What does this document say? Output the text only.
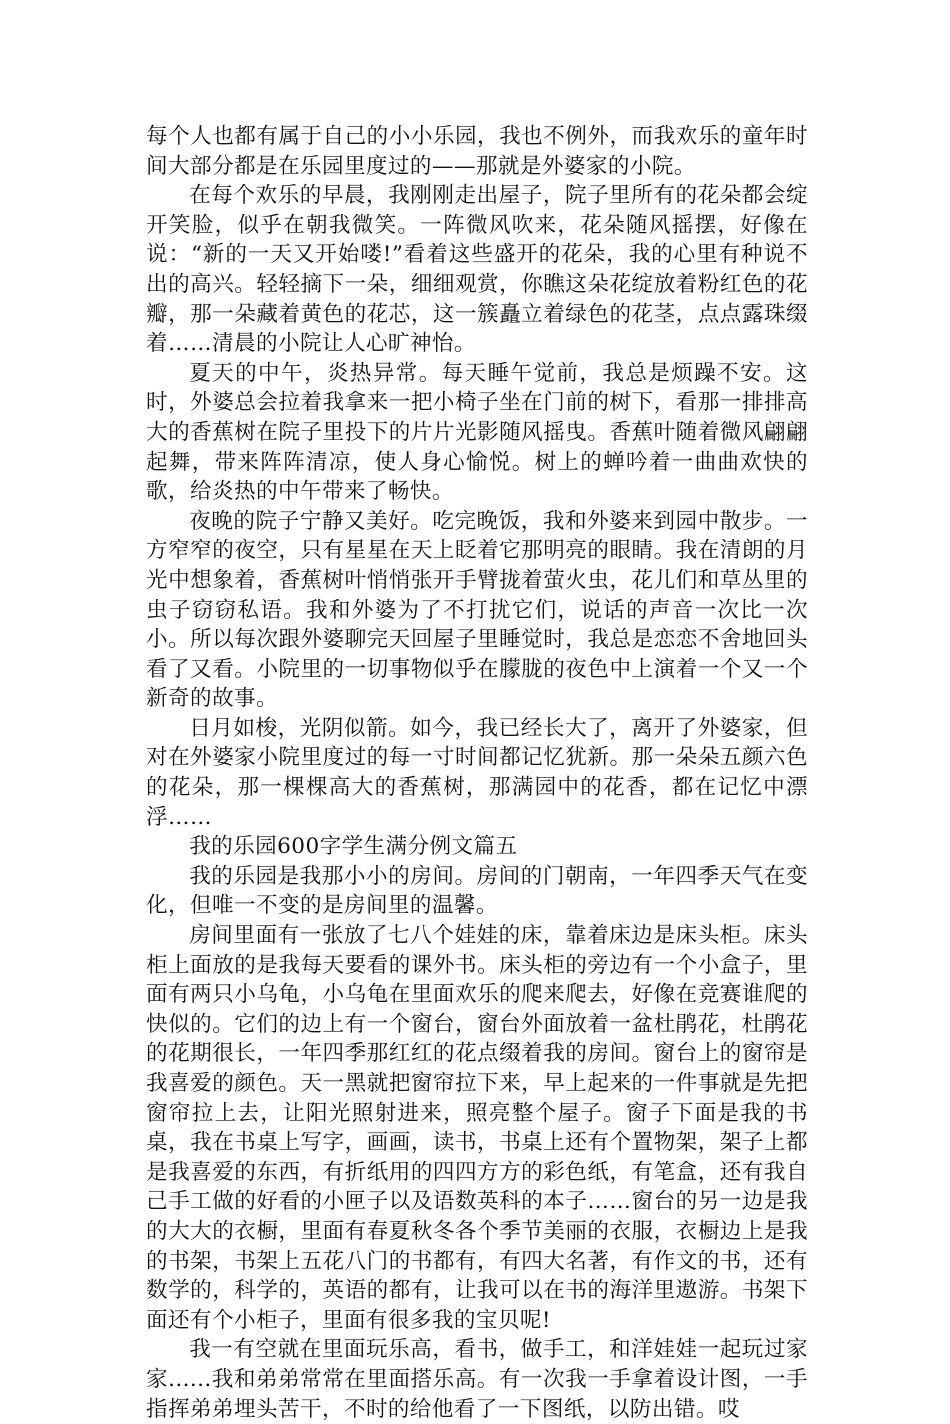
每个人也都有属于自己的小小乐园，我也不例外，而我欢乐的童年时间大部分都是在乐园里度过的——那就是外婆家的小院。

在每个欢乐的早晨，我刚刚走出屋子，院子里所有的花朵都会绽开笑脸，似乎在朝我微笑。一阵微风吹来，花朵随风摇摆，好像在说：“新的一天又开始喽!”看着这些盛开的花朵，我的心里有种说不出的高兴。轻轻摘下一朵，细细观赏，你瞧这朵花绽放着粉红色的花瓣，那一朵藏着黄色的花芯，这一簇矗立着绿色的花茎，点点露珠缀着……清晨的小院让人心旷神怡。

夏天的中午，炎热异常。每天睡午觉前，我总是烦躁不安。这时，外婆总会拉着我拿来一把小椅子坐在门前的树下，看那一排排高大的香蕉树在院子里投下的片片光影随风摇曳。香蕉叶随着微风翩翩起舞，带来阵阵清凉，使人身心愉悦。树上的蝉吟着一曲曲欢快的歌，给炎热的中午带来了畅快。

夜晚的院子宁静又美好。吃完晚饭，我和外婆来到园中散步。一方窄窄的夜空，只有星星在天上眨着它那明亮的眼睛。我在清朗的月光中想象着，香蕉树叶悄悄张开手臂拢着萤火虫，花儿们和草丛里的虫子窃窃私语。我和外婆为了不打扰它们，说话的声音一次比一次小。所以每次跟外婆聊完天回屋子里睡觉时，我总是恋恋不舍地回头看了又看。小院里的一切事物似乎在朦胧的夜色中上演着一个又一个新奇的故事。

日月如梭，光阴似箭。如今，我已经长大了，离开了外婆家，但对在外婆家小院里度过的每一寸时间都记忆犹新。那一朵朵五颜六色的花朵，那一棵棵高大的香蕉树，那满园中的花香，都在记忆中漂浮……

我的乐园600字学生满分例文篇五

我的乐园是我那小小的房间。房间的门朝南，一年四季天气在变化，但唯一不变的是房间里的温馨。

房间里面有一张放了七八个娃娃的床，靠着床边是床头柜。床头柜上面放的是我每天要看的课外书。床头柜的旁边有一个小盒子，里面有两只小乌龟，小乌龟在里面欢乐的爬来爬去，好像在竞赛谁爬的快似的。它们的边上有一个窗台，窗台外面放着一盆杜鹃花，杜鹃花的花期很长，一年四季那红红的花点缀着我的房间。窗台上的窗帘是我喜爱的颜色。天一黑就把窗帘拉下来，早上起来的一件事就是先把窗帘拉上去，让阳光照射进来，照亮整个屋子。窗子下面是我的书桌，我在书桌上写字，画画，读书，书桌上还有个置物架，架子上都是我喜爱的东西，有折纸用的四四方方的彩色纸，有笔盒，还有我自己手工做的好看的小匣子以及语数英科的本子……窗台的另一边是我的大大的衣橱，里面有春夏秋冬各个季节美丽的衣服，衣橱边上是我的书架，书架上五花八门的书都有，有四大名著，有作文的书，还有数学的，科学的，英语的都有，让我可以在书的海洋里遨游。书架下面还有个小柜子，里面有很多我的宝贝呢!

我一有空就在里面玩乐高，看书，做手工，和洋娃娃一起玩过家家......我和弟弟常常在里面搭乐高。有一次我一手拿着设计图，一手指挥弟弟埋头苦干，不时的给他看了一下图纸，以防出错。哎
